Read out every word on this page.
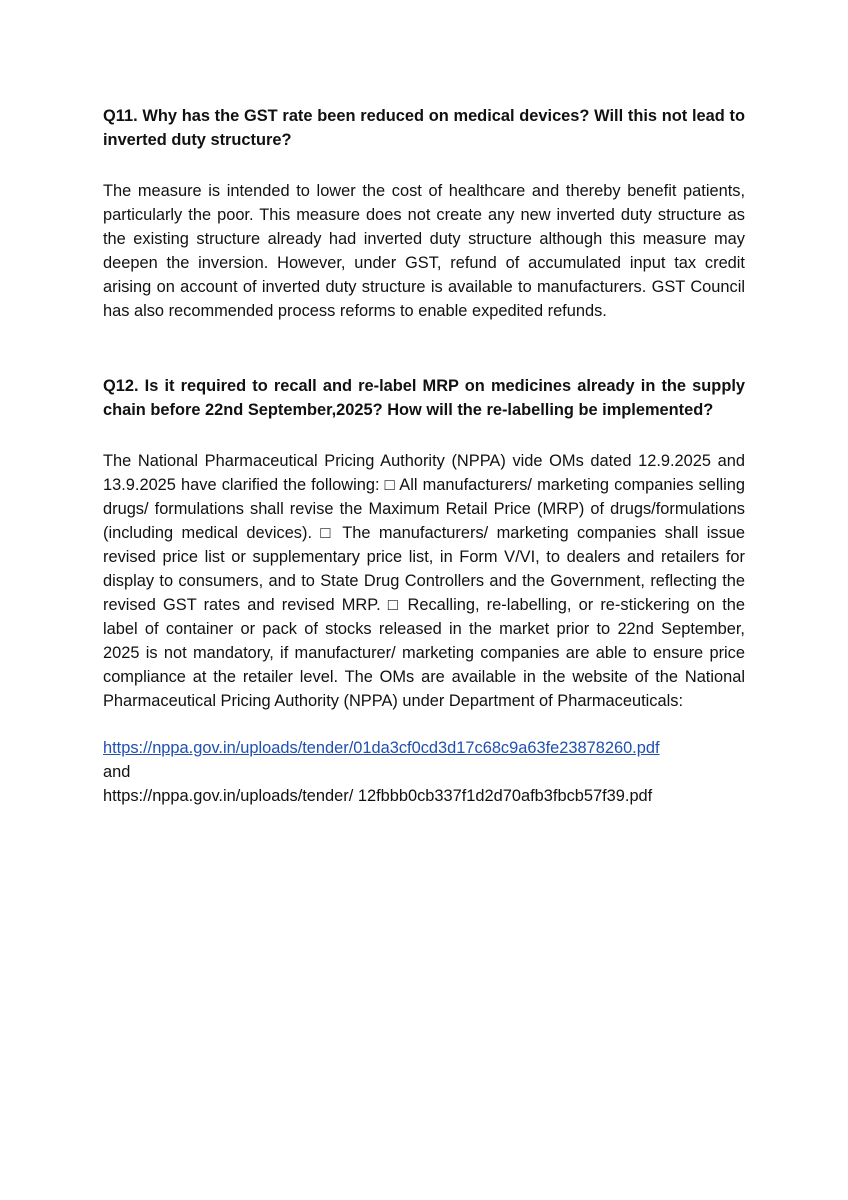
Q11. Why has the GST rate been reduced on medical devices? Will this not lead to inverted duty structure?

The measure is intended to lower the cost of healthcare and thereby benefit patients, particularly the poor. This measure does not create any new inverted duty structure as the existing structure already had inverted duty structure although this measure may deepen the inversion. However, under GST, refund of accumulated input tax credit arising on account of inverted duty structure is available to manufacturers. GST Council has also recommended process reforms to enable expedited refunds.

Q12. Is it required to recall and re-label MRP on medicines already in the supply chain before 22nd September,2025? How will the re-labelling be implemented?

The National Pharmaceutical Pricing Authority (NPPA) vide OMs dated 12.9.2025 and 13.9.2025 have clarified the following: □ All manufacturers/ marketing companies selling drugs/ formulations shall revise the Maximum Retail Price (MRP) of drugs/formulations (including medical devices). □ The manufacturers/ marketing companies shall issue revised price list or supplementary price list, in Form V/VI, to dealers and retailers for display to consumers, and to State Drug Controllers and the Government, reflecting the revised GST rates and revised MRP. □ Recalling, re-labelling, or re-stickering on the label of container or pack of stocks released in the market prior to 22nd September, 2025 is not mandatory, if manufacturer/ marketing companies are able to ensure price compliance at the retailer level. The OMs are available in the website of the National Pharmaceutical Pricing Authority (NPPA) under Department of Pharmaceuticals:

https://nppa.gov.in/uploads/tender/01da3cf0cd3d17c68c9a63fe23878260.pdf

and

https://nppa.gov.in/uploads/tender/ 12fbbb0cb337f1d2d70afb3fbcb57f39.pdf
